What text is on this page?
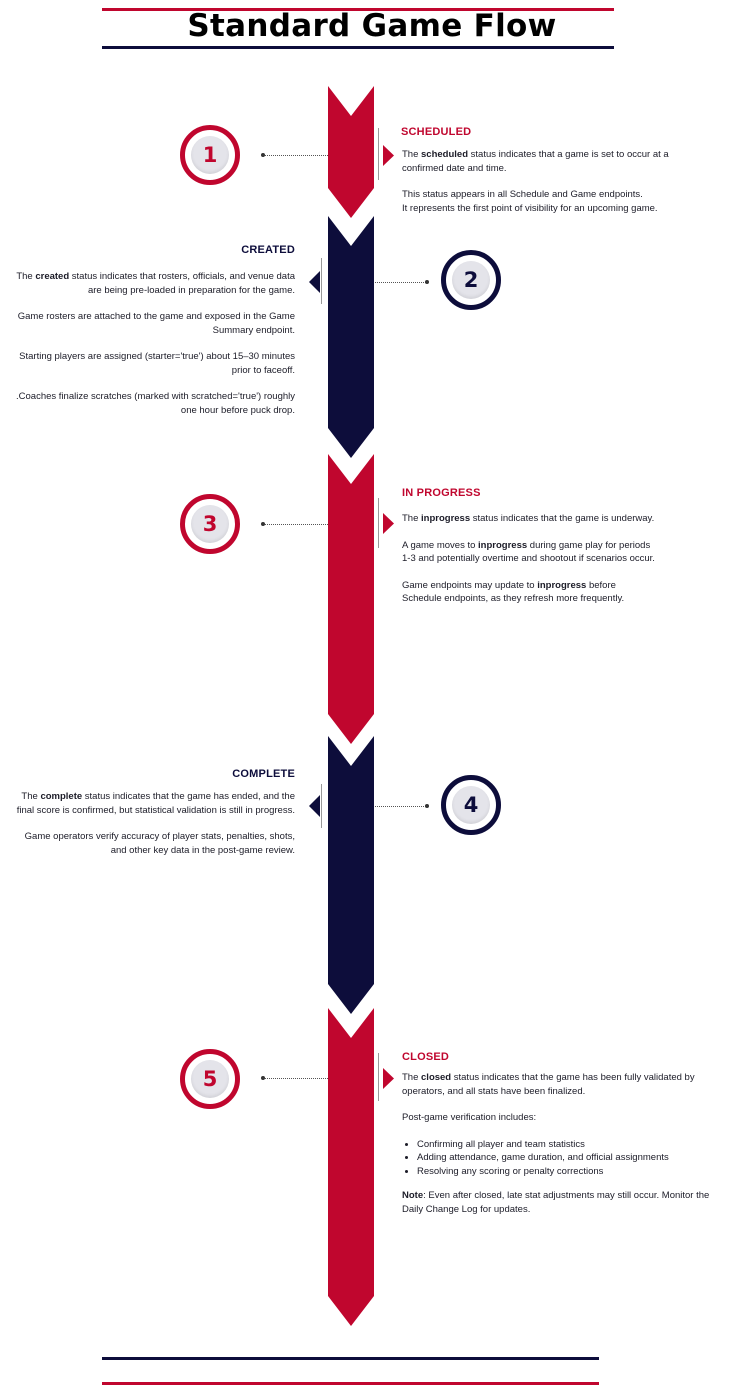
Standard Game Flow
1
SCHEDULED

The scheduled status indicates that a game is set to occur at a confirmed date and time.

This status appears in all Schedule and Game endpoints.
It represents the first point of visibility for an upcoming game.

2
CREATED

The created status indicates that rosters, officials, and venue data are being pre-loaded in preparation for the game.

Game rosters are attached to the game and exposed in the Game Summary endpoint.

Starting players are assigned (starter='true') about 15–30 minutes prior to faceoff.

.Coaches finalize scratches (marked with scratched='true') roughly one hour before puck drop.

3
IN PROGRESS

The inprogress status indicates that the game is underway.

A game moves to inprogress during game play for periods 1-3 and potentially overtime and shootout if scenarios occur.

Game endpoints may update to inprogress before Schedule endpoints, as they refresh more frequently.

4
COMPLETE

The complete status indicates that the game has ended, and the final score is confirmed, but statistical validation is still in progress.

Game operators verify accuracy of player stats, penalties, shots, and other key data in the post-game review.

5
CLOSED

The closed status indicates that the game has been fully validated by operators, and all stats have been finalized.

Post-game verification includes:

• Confirming all player and team statistics
• Adding attendance, game duration, and official assignments
• Resolving any scoring or penalty corrections

Note: Even after closed, late stat adjustments may still occur. Monitor the Daily Change Log for updates.
